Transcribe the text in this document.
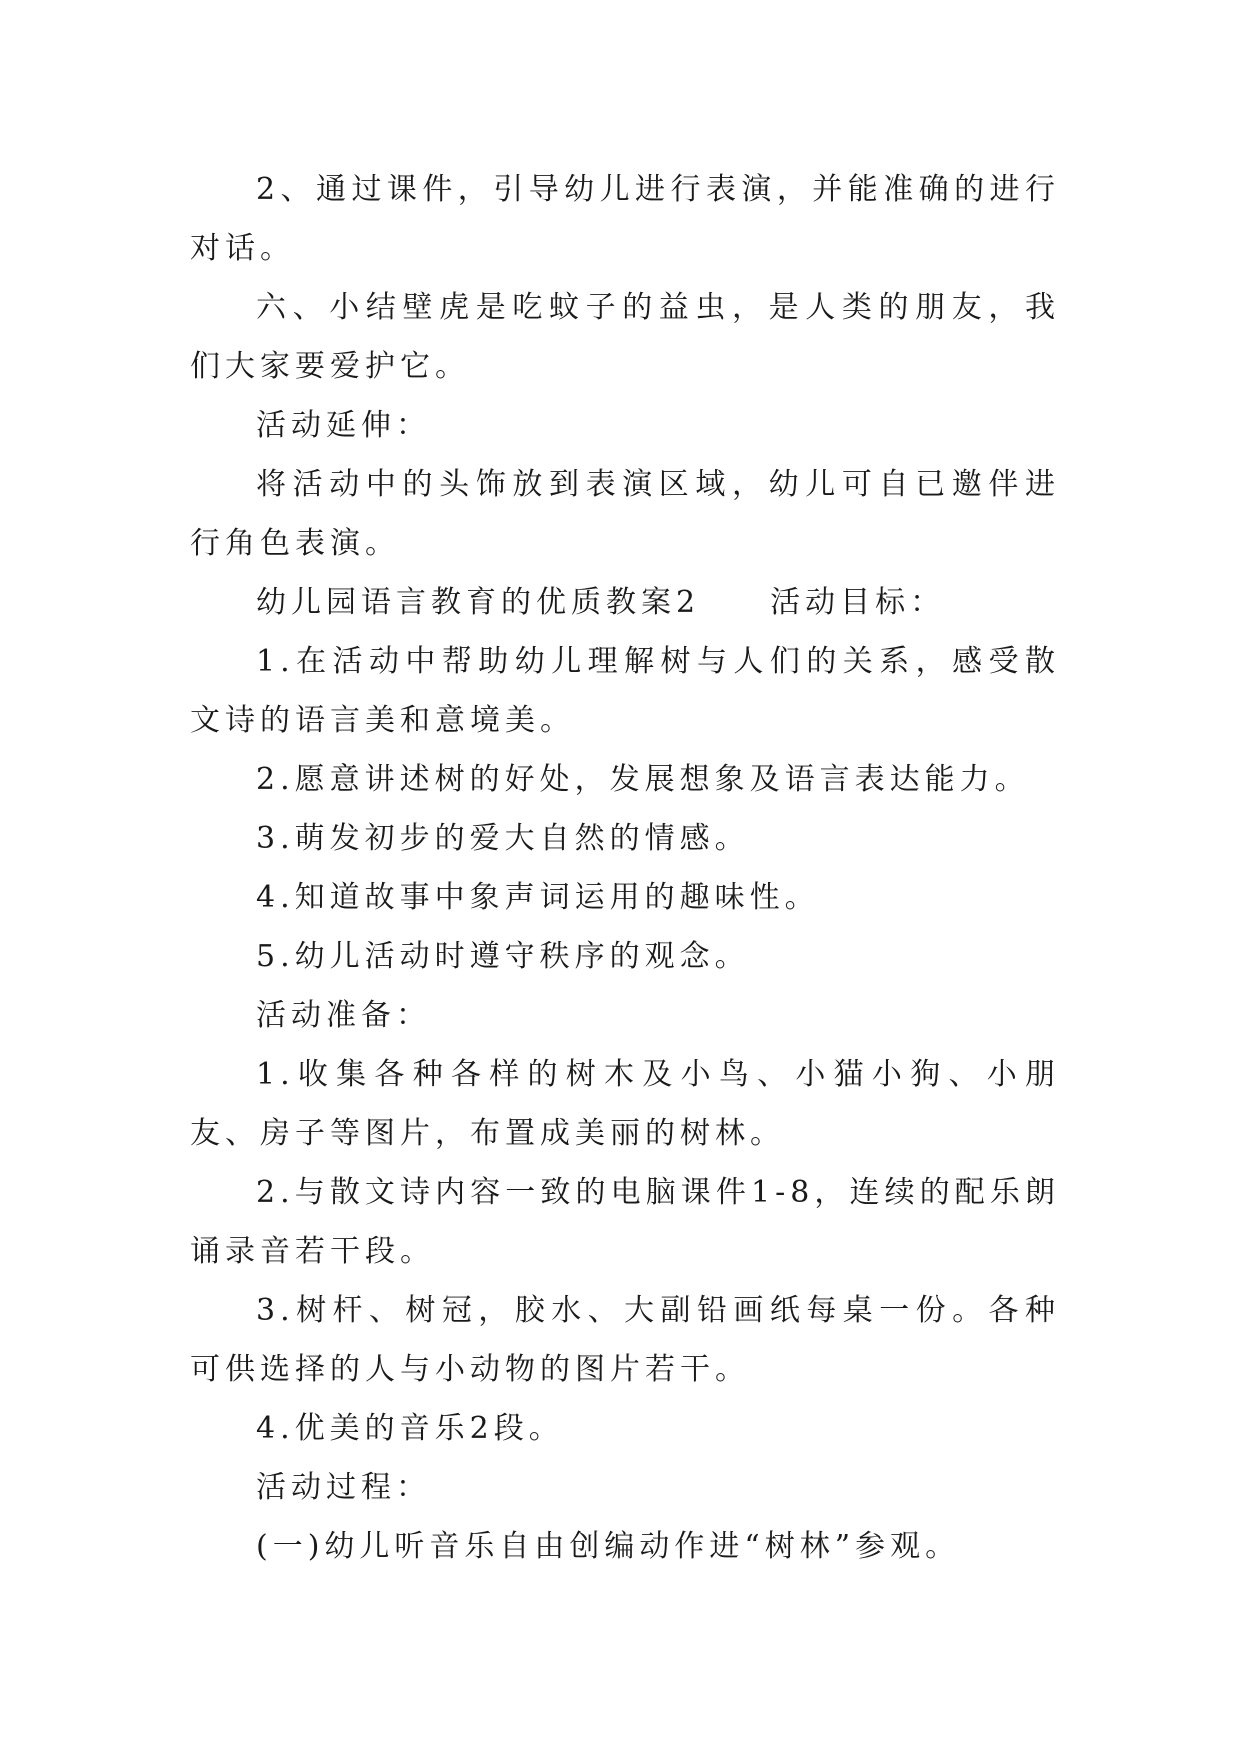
2、通过课件，引导幼儿进行表演，并能准确的进行对话。

六、小结壁虎是吃蚊子的益虫，是人类的朋友，我们大家要爱护它。

活动延伸：

将活动中的头饰放到表演区域，幼儿可自已邀伴进行角色表演。

幼儿园语言教育的优质教案2　　活动目标：

1.在活动中帮助幼儿理解树与人们的关系，感受散文诗的语言美和意境美。

2.愿意讲述树的好处，发展想象及语言表达能力。

3.萌发初步的爱大自然的情感。

4.知道故事中象声词运用的趣味性。

5.幼儿活动时遵守秩序的观念。

活动准备：

1.收集各种各样的树木及小鸟、小猫小狗、小朋友、房子等图片，布置成美丽的树林。

2.与散文诗内容一致的电脑课件1-8，连续的配乐朗诵录音若干段。

3.树杆、树冠，胶水、大副铅画纸每桌一份。各种可供选择的人与小动物的图片若干。

4.优美的音乐2段。

活动过程：

(一)幼儿听音乐自由创编动作进“树林”参观。
